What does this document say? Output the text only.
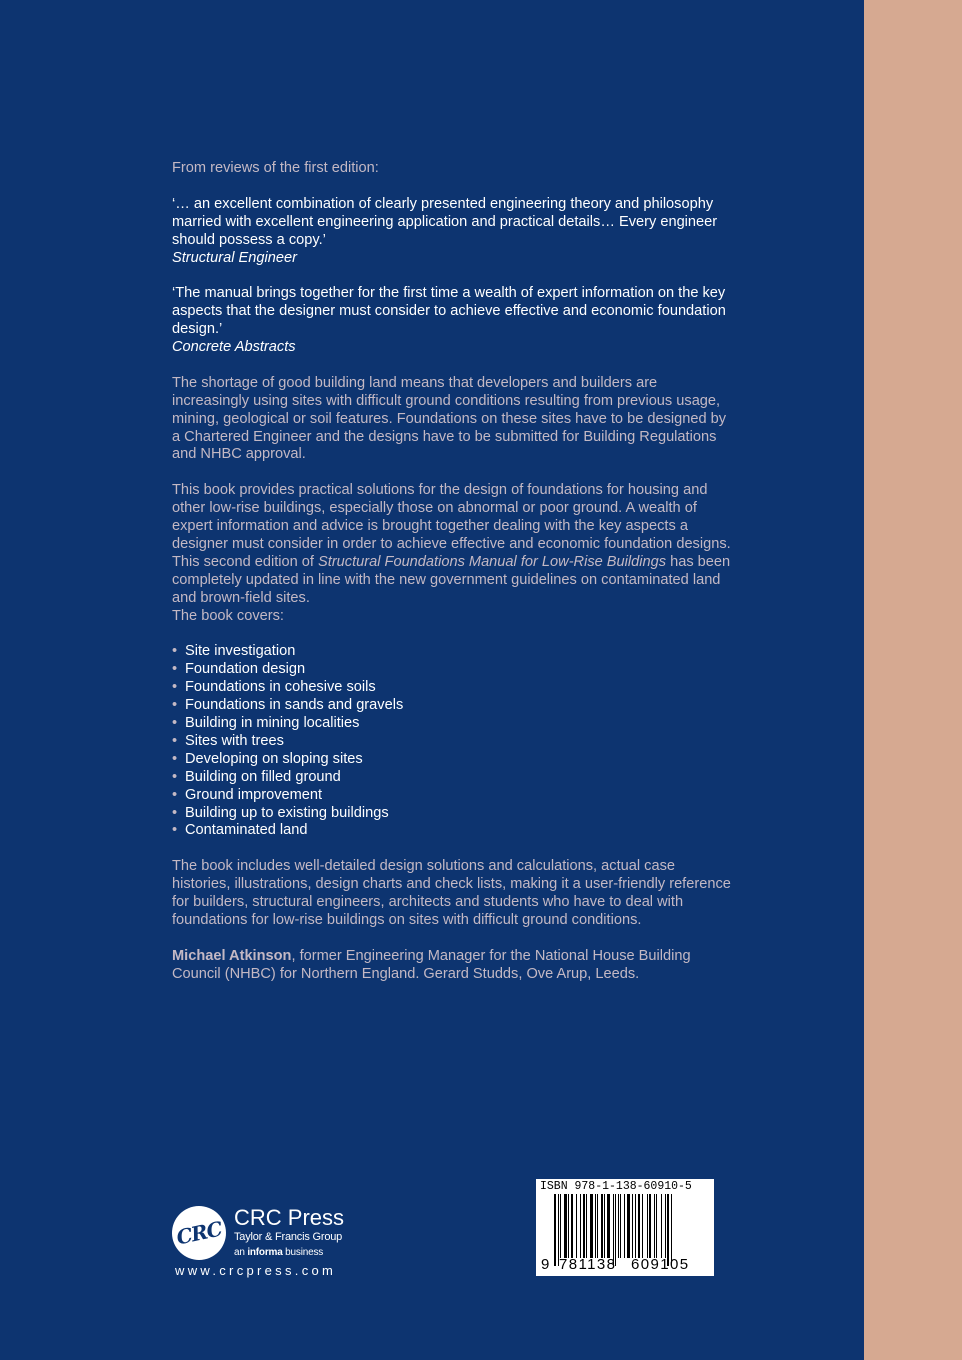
From reviews of the first edition:

‘… an excellent combination of clearly presented engineering theory and philosophy married with excellent engineering application and practical details… Every engineer should possess a copy.’

Structural Engineer

‘The manual brings together for the first time a wealth of expert information on the key aspects that the designer must consider to achieve effective and economic foundation design.’

Concrete Abstracts

The shortage of good building land means that developers and builders are increasingly using sites with difficult ground conditions resulting from previous usage, mining, geological or soil features. Foundations on these sites have to be designed by a Chartered Engineer and the designs have to be submitted for Building Regulations and NHBC approval.

This book provides practical solutions for the design of foundations for housing and other low-rise buildings, especially those on abnormal or poor ground. A wealth of expert information and advice is brought together dealing with the key aspects a designer must consider in order to achieve effective and economic foundation designs. This second edition of Structural Foundations Manual for Low-Rise Buildings has been completely updated in line with the new government guidelines on contaminated land and brown-field sites.

The book covers:

• Site investigation
• Foundation design
• Foundations in cohesive soils
• Foundations in sands and gravels
• Building in mining localities
• Sites with trees
• Developing on sloping sites
• Building on filled ground
• Ground improvement
• Building up to existing buildings
• Contaminated land

The book includes well-detailed design solutions and calculations, actual case histories, illustrations, design charts and check lists, making it a user-friendly reference for builders, structural engineers, architects and students who have to deal with foundations for low-rise buildings on sites with difficult ground conditions.

Michael Atkinson, former Engineering Manager for the National House Building Council (NHBC) for Northern England. Gerard Studds, Ove Arup, Leeds.

CRC CRC Press
Taylor & Francis Group
an informa business
www.crcpress.com
ISBN 978-1-138-60910-5
9 781138 609105
